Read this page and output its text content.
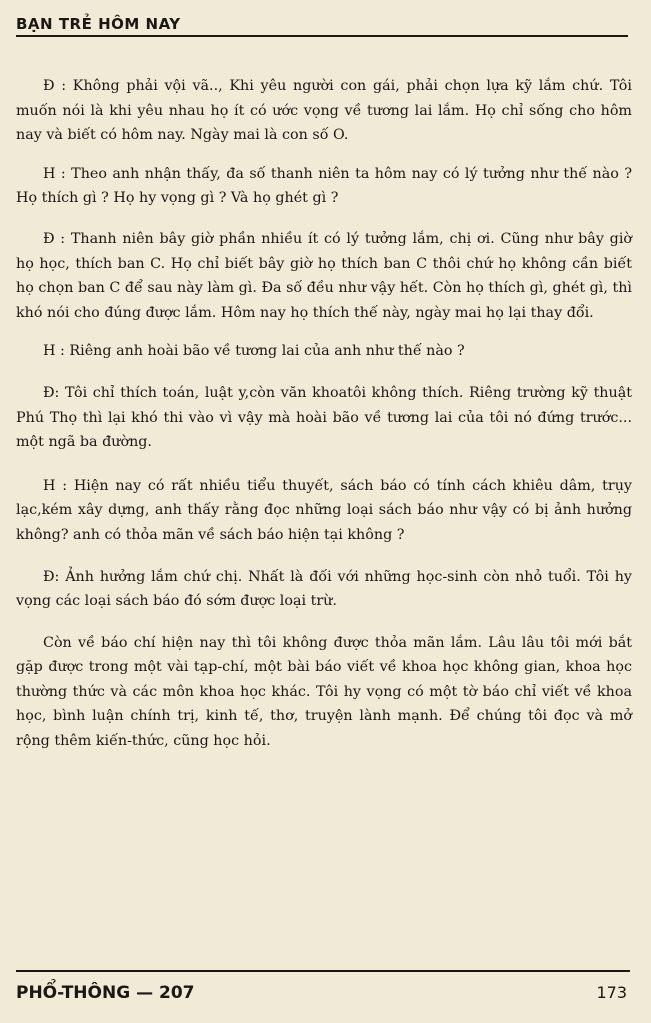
BẠN TRẺ HÔM NAY

Đ : Không phải vội vã.., Khi yêu người con gái, phải chọn lựa kỹ lắm chứ. Tôi muốn nói là khi yêu nhau họ ít có ước vọng về tương lai lắm. Họ chỉ sống cho hôm nay và biết có hôm nay. Ngày mai là con số O.

H : Theo anh nhận thấy, đa số thanh niên ta hôm nay có lý tưởng như thế nào ? Họ thích gì ? Họ hy vọng gì ? Và họ ghét gì ?

Đ : Thanh niên bây giờ phần nhiều ít có lý tưởng lắm, chị ơi. Cũng như bây giờ họ học, thích ban C. Họ chỉ biết bây giờ họ thích ban C thôi chứ họ không cần biết họ chọn ban C để sau này làm gì. Đa số đều như vậy hết. Còn họ thích gì, ghét gì, thì khó nói cho đúng được lắm. Hôm nay họ thích thế này, ngày mai họ lại thay đổi.

H : Riêng anh hoài bão về tương lai của anh như thế nào ?

Đ: Tôi chỉ thích toán, luật y,còn văn khoatôi không thích. Riêng trường kỹ thuật Phú Thọ thì lại khó thi vào vì vậy mà hoài bão về tương lai của tôi nó đứng trước... một ngã ba đường.

H : Hiện nay có rất nhiều tiểu thuyết, sách báo có tính cách khiêu dâm, trụy lạc,kém xây dựng, anh thấy rằng đọc những loại sách báo như vậy có bị ảnh hưởng không? anh có thỏa mãn về sách báo hiện tại không ?

Đ: Ảnh hưởng lắm chứ chị. Nhất là đối với những học-sinh còn nhỏ tuổi. Tôi hy vọng các loại sách báo đó sớm được loại trừ.

Còn về báo chí hiện nay thì tôi không được thỏa mãn lắm. Lâu lâu tôi mới bắt gặp được trong một vài tạp-chí, một bài báo viết về khoa học không gian, khoa học thường thức và các môn khoa học khác. Tôi hy vọng có một tờ báo chỉ viết về khoa học, bình luận chính trị, kinh tế, thơ, truyện lành mạnh. Để chúng tôi đọc và mở rộng thêm kiến-thức, cũng học hỏi.

PHỔ-THÔNG — 207	173
